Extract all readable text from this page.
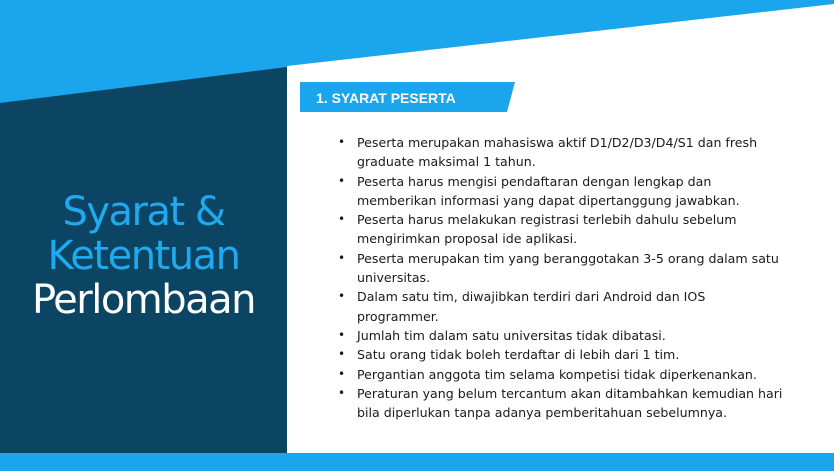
Syarat &
Ketentuan
Perlombaan
1. SYARAT PESERTA
• Peserta merupakan mahasiswa aktif D1/D2/D3/D4/S1 dan fresh
graduate maksimal 1 tahun.
• Peserta harus mengisi pendaftaran dengan lengkap dan
memberikan informasi yang dapat dipertanggung jawabkan.
• Peserta harus melakukan registrasi terlebih dahulu sebelum
mengirimkan proposal ide aplikasi.
• Peserta merupakan tim yang beranggotakan 3-5 orang dalam satu
universitas.
• Dalam satu tim, diwajibkan terdiri dari Android dan IOS
programmer.
• Jumlah tim dalam satu universitas tidak dibatasi.
• Satu orang tidak boleh terdaftar di lebih dari 1 tim.
• Pergantian anggota tim selama kompetisi tidak diperkenankan.
• Peraturan yang belum tercantum akan ditambahkan kemudian hari
bila diperlukan tanpa adanya pemberitahuan sebelumnya.
